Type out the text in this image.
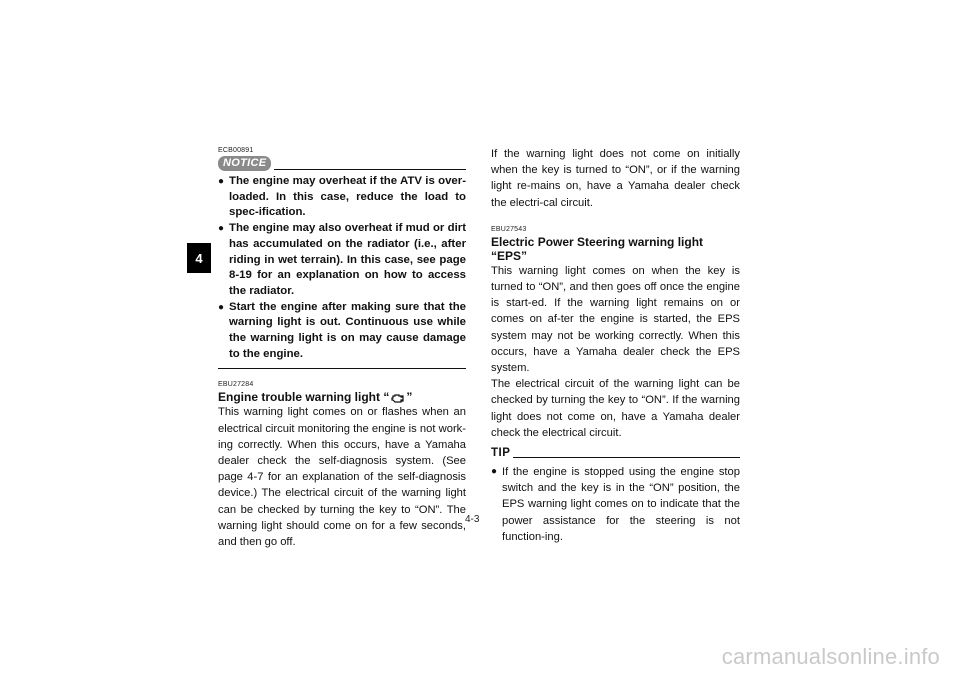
4
ECB00891
NOTICE
● The engine may overheat if the ATV is over-loaded. In this case, reduce the load to spec-ification.
● The engine may also overheat if mud or dirt has accumulated on the radiator (i.e., after riding in wet terrain). In this case, see page 8-19 for an explanation on how to access the radiator.
● Start the engine after making sure that the warning light is out. Continuous use while the warning light is on may cause damage to the engine.
EBU27284
Engine trouble warning light “ ”
This warning light comes on or flashes when an electrical circuit monitoring the engine is not work-ing correctly. When this occurs, have a Yamaha dealer check the self-diagnosis system. (See page 4-7 for an explanation of the self-diagnosis device.) The electrical circuit of the warning light can be checked by turning the key to “ON”. The warning light should come on for a few seconds, and then go off.
If the warning light does not come on initially when the key is turned to “ON”, or if the warning light re-mains on, have a Yamaha dealer check the electri-cal circuit.
EBU27543
Electric Power Steering warning light “EPS”
This warning light comes on when the key is turned to “ON”, and then goes off once the engine is start-ed. If the warning light remains on or comes on af-ter the engine is started, the EPS system may not be working correctly. When this occurs, have a Yamaha dealer check the EPS system.
The electrical circuit of the warning light can be checked by turning the key to “ON”. If the warning light does not come on, have a Yamaha dealer check the electrical circuit.
TIP
● If the engine is stopped using the engine stop switch and the key is in the “ON” position, the EPS warning light comes on to indicate that the power assistance for the steering is not function-ing.
4-3
carmanualsonline.info
